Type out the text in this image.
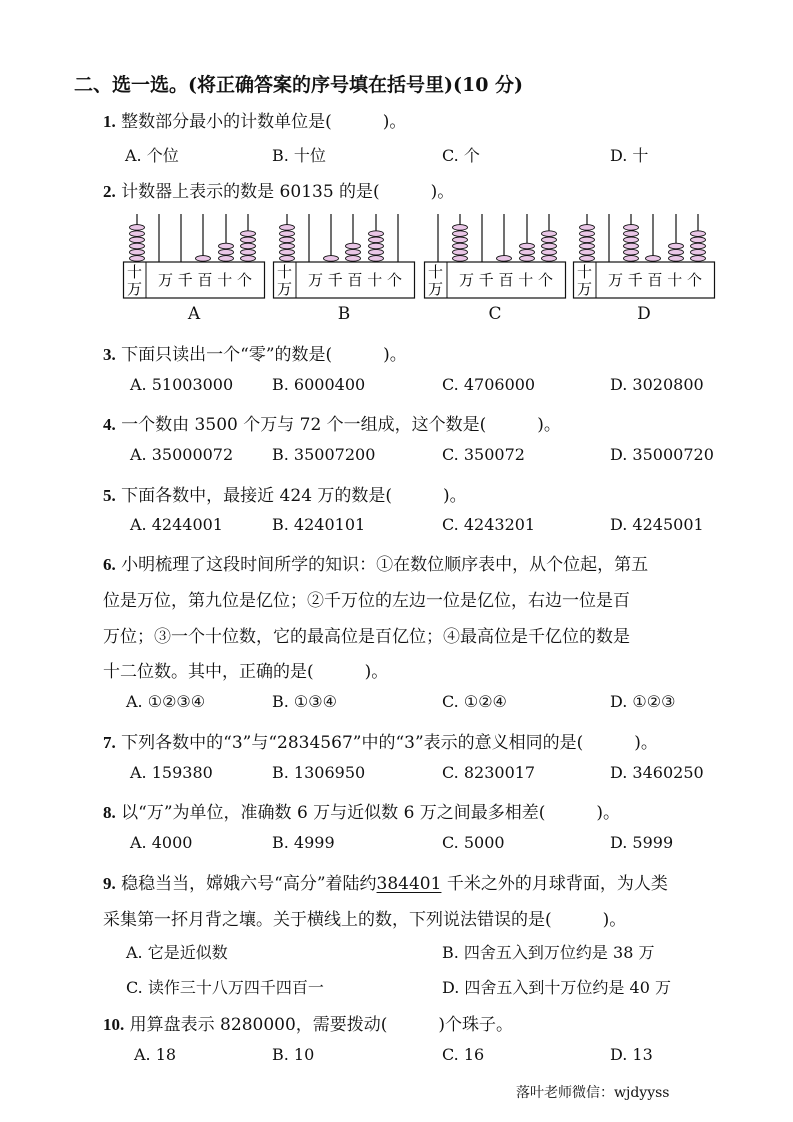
二、选一选。(将正确答案的序号填在括号里)(10 分)
1. 整数部分最小的计数单位是(　　　)。
A. 个位	B. 十位	C. 个	D. 十
2. 计数器上表示的数是 60135 的是(　　　)。
十
万 万 千 百 十 个
A
十
万 万 千 百 十 个
B
十
万 万 千 百 十 个
C
十
万 万 千 百 十 个
D
3. 下面只读出一个“零”的数是(　　　)。
A. 51003000 B. 6000400	C. 4706000	D. 3020800
4. 一个数由 3500 个万与 72 个一组成，这个数是(　　　)。
A. 35000072 B. 35007200	C. 350072	D. 35000720
5. 下面各数中，最接近 424 万的数是(　　　)。
A. 4244001	B. 4240101	C. 4243201	D. 4245001
6. 小明梳理了这段时间所学的知识：①在数位顺序表中，从个位起，第五
位是万位，第九位是亿位；②千万位的左边一位是亿位，右边一位是百
万位；③一个十位数，它的最高位是百亿位；④最高位是千亿位的数是
十二位数。其中，正确的是(　　　)。
A. ①②③④	B. ①③④	C. ①②④	D. ①②③
7. 下列各数中的“3”与“2834567”中的“3”表示的意义相同的是(　　　)。
A. 159380	B. 1306950	C. 8230017	D. 3460250
8. 以“万”为单位，准确数 6 万与近似数 6 万之间最多相差(　　　)。
A. 4000	B. 4999	C. 5000	D. 5999
9. 稳稳当当，嫦娥六号“高分”着陆约384401 千米之外的月球背面，为人类
采集第一抔月背之壤。关于横线上的数，下列说法错误的是(　　　)。
A. 它是近似数	B. 四舍五入到万位约是 38 万
C. 读作三十八万四千四百一	D. 四舍五入到十万位约是 40 万
10. 用算盘表示 8280000，需要拨动(　　　)个珠子。
A. 18	B. 10	C. 16	D. 13
落叶老师微信：wjdyyss
